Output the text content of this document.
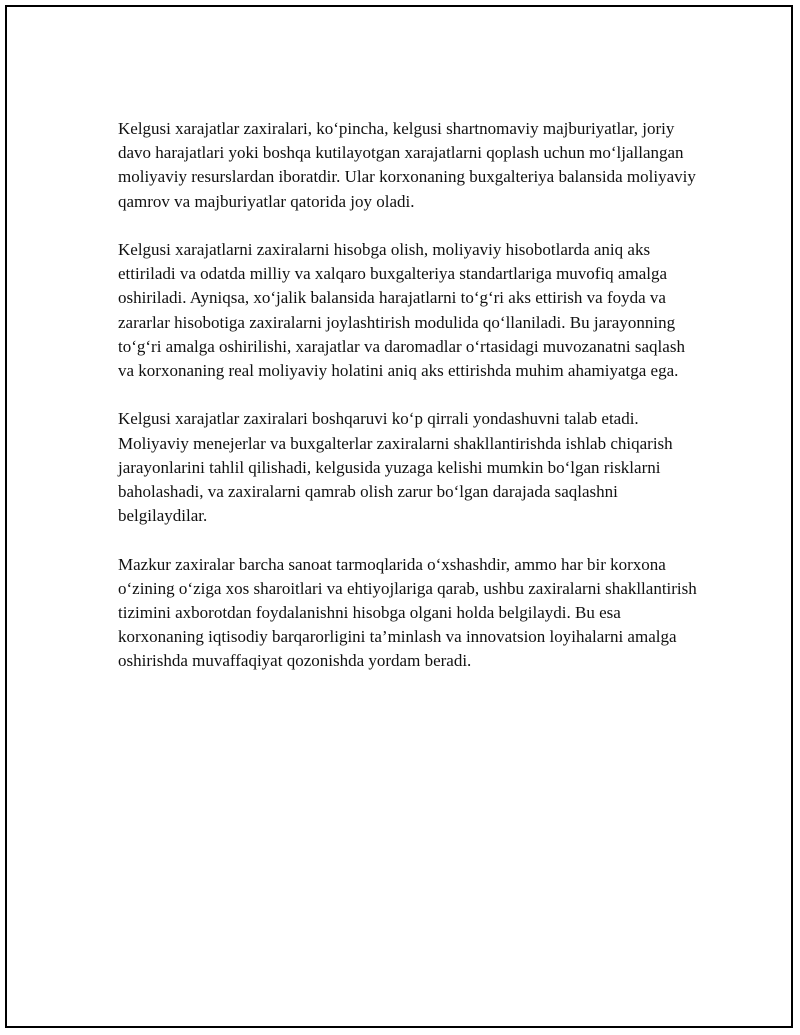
Kelgusi xarajatlar zaxiralari, ko‘pincha, kelgusi shartnomaviy majburiyatlar, joriy davo harajatlari yoki boshqa kutilayotgan xarajatlarni qoplash uchun mo‘ljallangan moliyaviy resurslardan iboratdir. Ular korxonaning buxgalteriya balansida moliyaviy qamrov va majburiyatlar qatorida joy oladi.

Kelgusi xarajatlarni zaxiralarni hisobga olish, moliyaviy hisobotlarda aniq aks ettiriladi va odatda milliy va xalqaro buxgalteriya standartlariga muvofiq amalga oshiriladi. Ayniqsa, xo‘jalik balansida harajatlarni to‘g‘ri aks ettirish va foyda va zararlar hisobotiga zaxiralarni joylashtirish modulida qo‘llaniladi. Bu jarayonning to‘g‘ri amalga oshirilishi, xarajatlar va daromadlar o‘rtasidagi muvozanatni saqlash va korxonaning real moliyaviy holatini aniq aks ettirishda muhim ahamiyatga ega.

Kelgusi xarajatlar zaxiralari boshqaruvi ko‘p qirrali yondashuvni talab etadi. Moliyaviy menejerlar va buxgalterlar zaxiralarni shakllantirishda ishlab chiqarish jarayonlarini tahlil qilishadi, kelgusida yuzaga kelishi mumkin bo‘lgan risklarni baholashadi, va zaxiralarni qamrab olish zarur bo‘lgan darajada saqlashni belgilaydilar.

Mazkur zaxiralar barcha sanoat tarmoqlarida o‘xshashdir, ammo har bir korxona o‘zining o‘ziga xos sharoitlari va ehtiyojlariga qarab, ushbu zaxiralarni shakllantirish tizimini axborotdan foydalanishni hisobga olgani holda belgilaydi. Bu esa korxonaning iqtisodiy barqarorligini ta’minlash va innovatsion loyihalarni amalga oshirishda muvaffaqiyat qozonishda yordam beradi.
